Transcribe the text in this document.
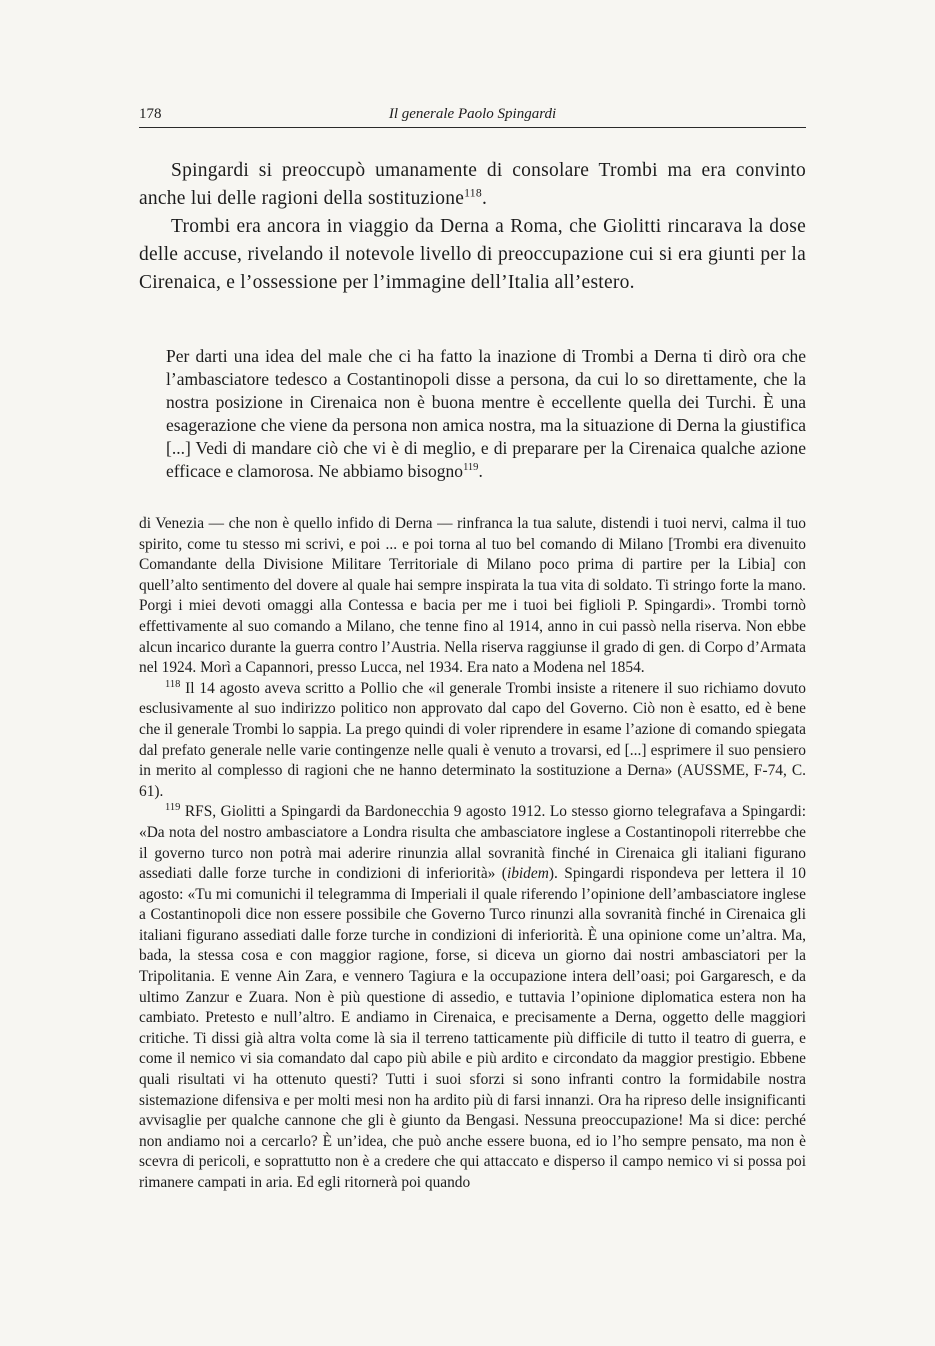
178	Il generale Paolo Spingardi

Spingardi si preoccupò umanamente di consolare Trombi ma era convinto anche lui delle ragioni della sostituzione$^{118}$.

Trombi era ancora in viaggio da Derna a Roma, che Giolitti rincarava la dose delle accuse, rivelando il notevole livello di preoccupazione cui si era giunti per la Cirenaica, e l’ossessione per l’immagine dell’Italia all’estero.

Per darti una idea del male che ci ha fatto la inazione di Trombi a Derna ti dirò ora che l’ambasciatore tedesco a Costantinopoli disse a persona, da cui lo so direttamente, che la nostra posizione in Cirenaica non è buona mentre è eccellente quella dei Turchi. È una esagerazione che viene da persona non amica nostra, ma la situazione di Derna la giustifica [...] Vedi di mandare ciò che vi è di meglio, e di preparare per la Cirenaica qualche azione efficace e clamorosa. Ne abbiamo bisogno$^{119}$.

di Venezia — che non è quello infido di Derna — rinfranca la tua salute, distendi i tuoi nervi, calma il tuo spirito, come tu stesso mi scrivi, e poi ... e poi torna al tuo bel comando di Milano [Trombi era divenuito Comandante della Divisione Militare Territoriale di Milano poco prima di partire per la Libia] con quell’alto sentimento del dovere al quale hai sempre inspirata la tua vita di soldato. Ti stringo forte la mano. Porgi i miei devoti omaggi alla Contessa e bacia per me i tuoi bei figlioli P. Spingardi». Trombi tornò effettivamente al suo comando a Milano, che tenne fino al 1914, anno in cui passò nella riserva. Non ebbe alcun incarico durante la guerra contro l’Austria. Nella riserva raggiunse il grado di gen. di Corpo d’Armata nel 1924. Morì a Capannori, presso Lucca, nel 1934. Era nato a Modena nel 1854.

$^{118}$ Il 14 agosto aveva scritto a Pollio che «il generale Trombi insiste a ritenere il suo richiamo dovuto esclusivamente al suo indirizzo politico non approvato dal capo del Governo. Ciò non è esatto, ed è bene che il generale Trombi lo sappia. La prego quindi di voler riprendere in esame l’azione di comando spiegata dal prefato generale nelle varie contingenze nelle quali è venuto a trovarsi, ed [...] esprimere il suo pensiero in merito al complesso di ragioni che ne hanno determinato la sostituzione a Derna» (AUSSME, F-74, C. 61).

$^{119}$ RFS, Giolitti a Spingardi da Bardonecchia 9 agosto 1912. Lo stesso giorno telegrafava a Spingardi: «Da nota del nostro ambasciatore a Londra risulta che ambasciatore inglese a Costantinopoli riterrebbe che il governo turco non potrà mai aderire rinunzia allal sovranità finché in Cirenaica gli italiani figurano assediati dalle forze turche in condizioni di inferiorità» (ibidem). Spingardi rispondeva per lettera il 10 agosto: «Tu mi comunichi il telegramma di Imperiali il quale riferendo l’opinione dell’ambasciatore inglese a Costantinopoli dice non essere possibile che Governo Turco rinunzi alla sovranità finché in Cirenaica gli italiani figurano assediati dalle forze turche in condizioni di inferiorità. È una opinione come un’altra. Ma, bada, la stessa cosa e con maggior ragione, forse, si diceva un giorno dai nostri ambasciatori per la Tripolitania. E venne Ain Zara, e vennero Tagiura e la occupazione intera dell’oasi; poi Gargaresch, e da ultimo Zanzur e Zuara. Non è più questione di assedio, e tuttavia l’opinione diplomatica estera non ha cambiato. Pretesto e null’altro. E andiamo in Cirenaica, e precisamente a Derna, oggetto delle maggiori critiche. Ti dissi già altra volta come là sia il terreno tatticamente più difficile di tutto il teatro di guerra, e come il nemico vi sia comandato dal capo più abile e più ardito e circondato da maggior prestigio. Ebbene quali risultati vi ha ottenuto questi? Tutti i suoi sforzi si sono infranti contro la formidabile nostra sistemazione difensiva e per molti mesi non ha ardito più di farsi innanzi. Ora ha ripreso delle insignificanti avvisaglie per qualche cannone che gli è giunto da Bengasi. Nessuna preoccupazione! Ma si dice: perché non andiamo noi a cercarlo? È un’idea, che può anche essere buona, ed io l’ho sempre pensato, ma non è scevra di pericoli, e soprattutto non è a credere che qui attaccato e disperso il campo nemico vi si possa poi rimanere campati in aria. Ed egli ritornerà poi quando
